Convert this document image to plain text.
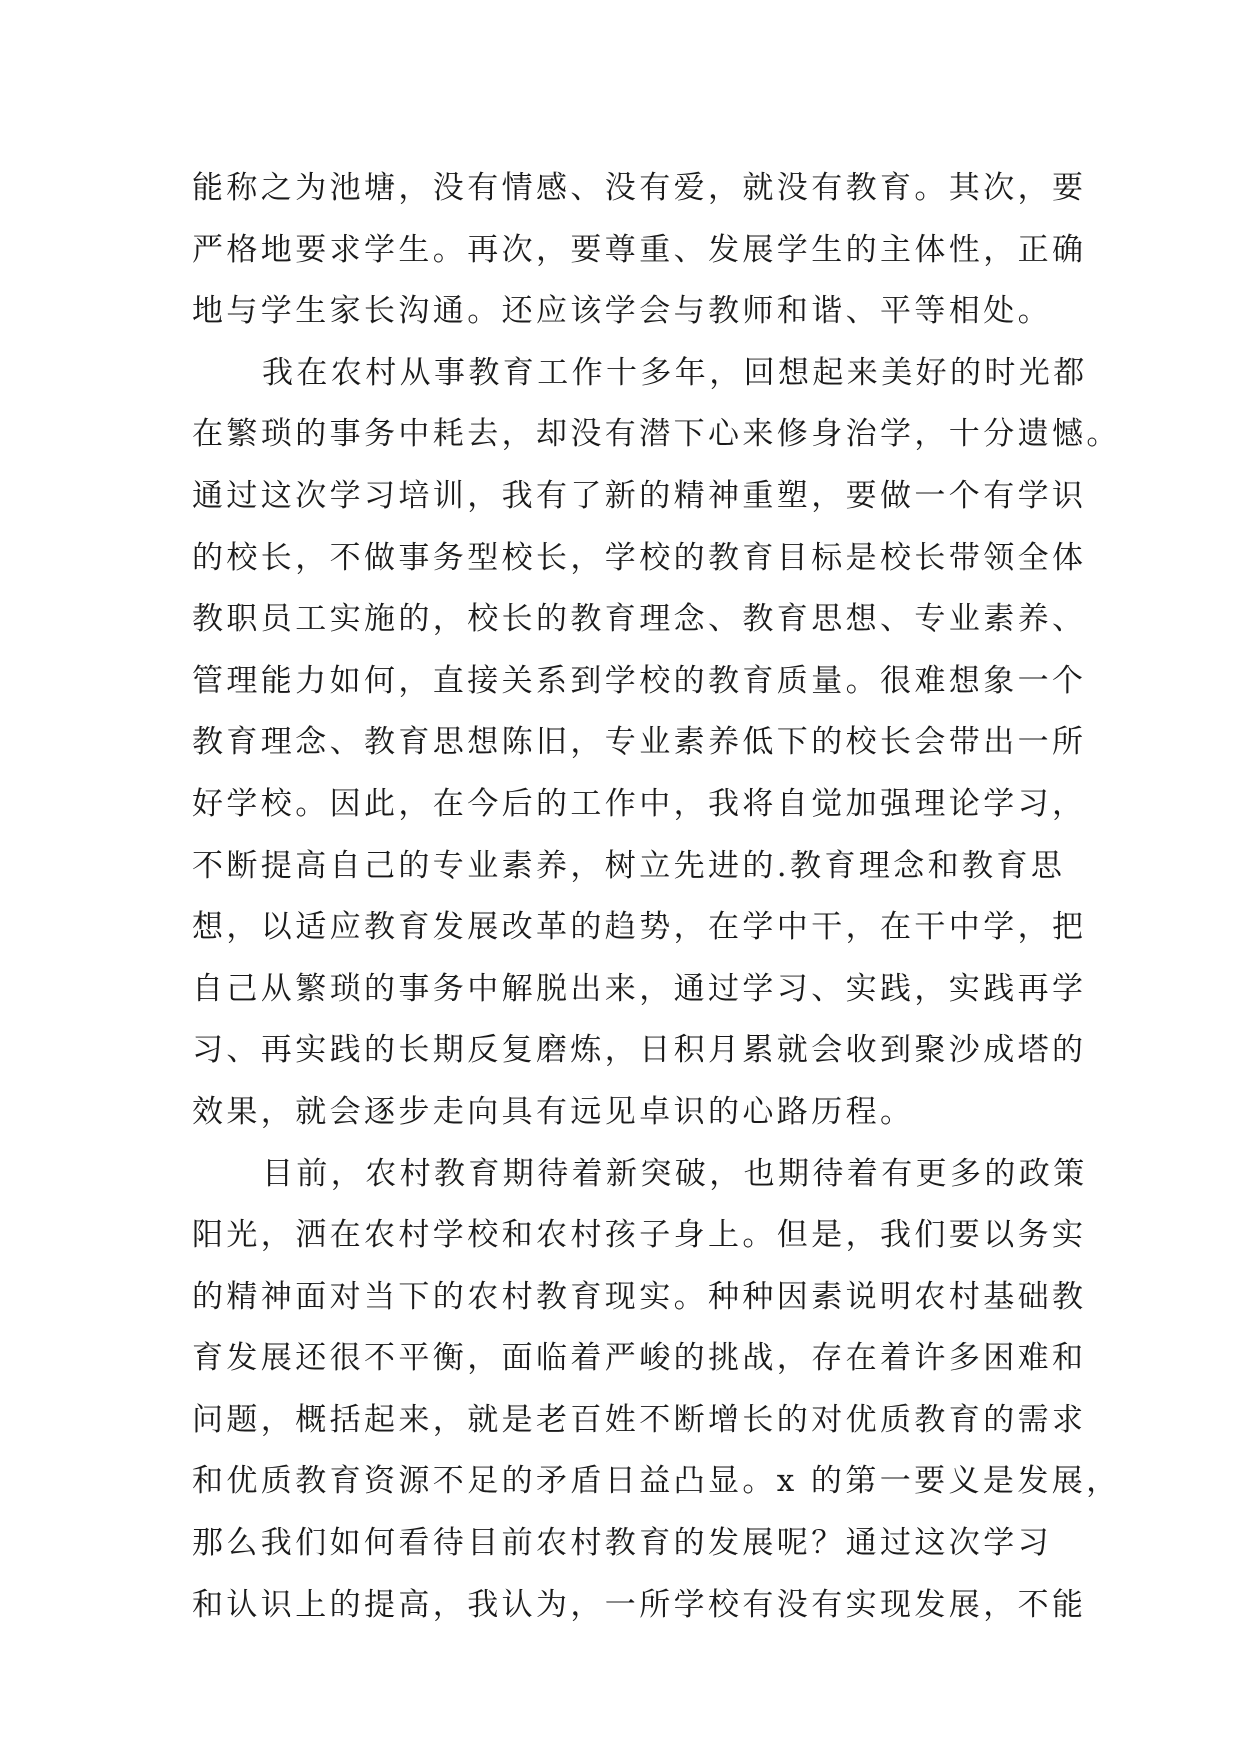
能称之为池塘，没有情感、没有爱，就没有教育。其次，要
严格地要求学生。再次，要尊重、发展学生的主体性，正确
地与学生家长沟通。还应该学会与教师和谐、平等相处。
我在农村从事教育工作十多年，回想起来美好的时光都
在繁琐的事务中耗去，却没有潜下心来修身治学，十分遗憾。
通过这次学习培训，我有了新的精神重塑，要做一个有学识
的校长，不做事务型校长，学校的教育目标是校长带领全体
教职员工实施的，校长的教育理念、教育思想、专业素养、
管理能力如何，直接关系到学校的教育质量。很难想象一个
教育理念、教育思想陈旧，专业素养低下的校长会带出一所
好学校。因此，在今后的工作中，我将自觉加强理论学习，
不断提高自己的专业素养，树立先进的.教育理念和教育思
想，以适应教育发展改革的趋势，在学中干，在干中学，把
自己从繁琐的事务中解脱出来，通过学习、实践，实践再学
习、再实践的长期反复磨炼，日积月累就会收到聚沙成塔的
效果，就会逐步走向具有远见卓识的心路历程。
目前，农村教育期待着新突破，也期待着有更多的政策
阳光，洒在农村学校和农村孩子身上。但是，我们要以务实
的精神面对当下的农村教育现实。种种因素说明农村基础教
育发展还很不平衡，面临着严峻的挑战，存在着许多困难和
问题，概括起来，就是老百姓不断增长的对优质教育的需求
和优质教育资源不足的矛盾日益凸显。x 的第一要义是发展，
那么我们如何看待目前农村教育的发展呢？通过这次学习
和认识上的提高，我认为，一所学校有没有实现发展，不能
